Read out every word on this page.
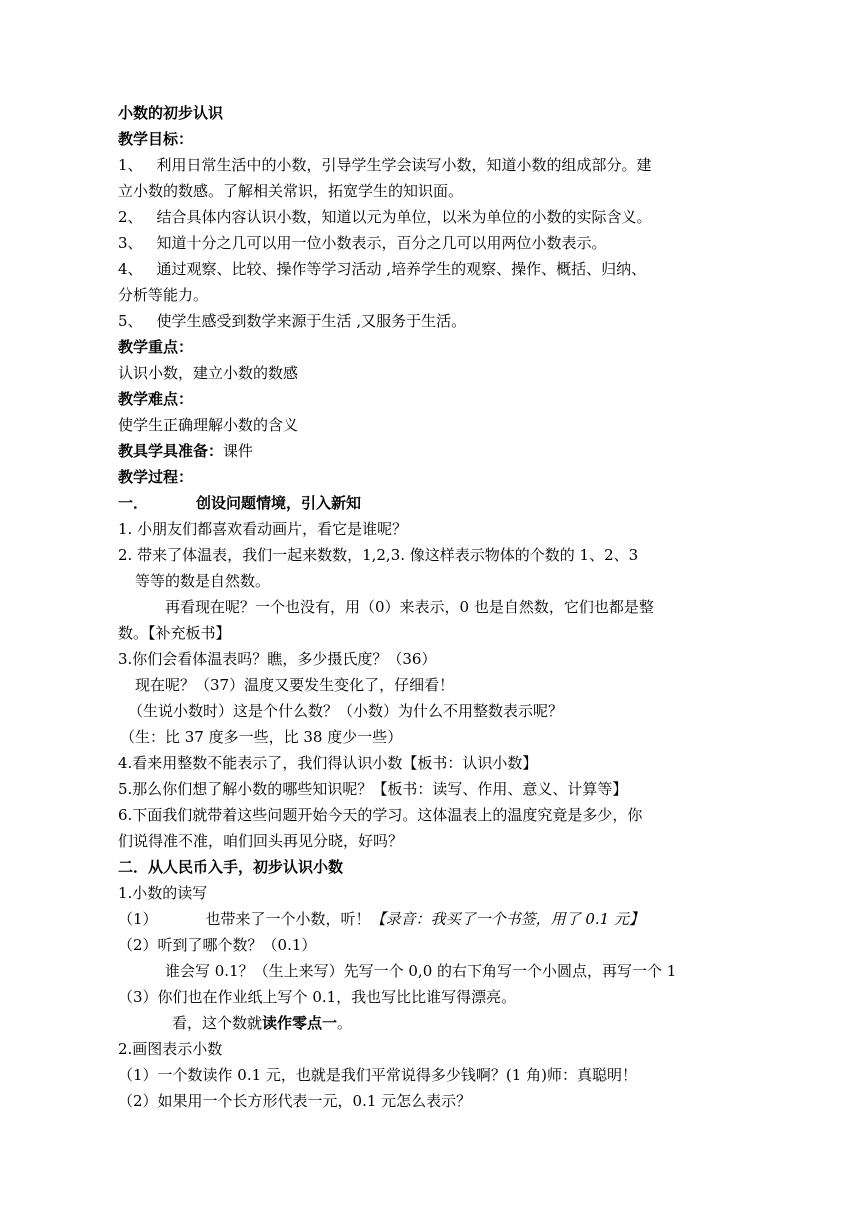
小数的初步认识
教学目标：
1、 利用日常生活中的小数，引导学生学会读写小数，知道小数的组成部分。建
立小数的数感。了解相关常识，拓宽学生的知识面。
2、 结合具体内容认识小数，知道以元为单位，以米为单位的小数的实际含义。
3、 知道十分之几可以用一位小数表示，百分之几可以用两位小数表示。
4、 通过观察、比较、操作等学习活动 ,培养学生的观察、操作、概括、归纳、
分析等能力。
5、 使学生感受到数学来源于生活 ,又服务于生活。
教学重点：
认识小数，建立小数的数感
教学难点：
使学生正确理解小数的含义
教具学具准备：课件
教学过程：
一．	创设问题情境，引入新知
1. 小朋友们都喜欢看动画片，看它是谁呢？
2. 带来了体温表，我们一起来数数，1,2,3. 像这样表示物体的个数的 1、2、3
等等的数是自然数。
再看现在呢？一个也没有，用（0）来表示，0 也是自然数，它们也都是整
数。【补充板书】
3.你们会看体温表吗？瞧，多少摄氏度？（36）
现在呢？（37）温度又要发生变化了，仔细看！
（生说小数时）这是个什么数？（小数）为什么不用整数表示呢？
（生：比 37 度多一些，比 38 度少一些）
4.看来用整数不能表示了，我们得认识小数【板书：认识小数】
5.那么你们想了解小数的哪些知识呢？【板书：读写、作用、意义、计算等】
6.下面我们就带着这些问题开始今天的学习。这体温表上的温度究竟是多少，你
们说得准不准，咱们回头再见分晓，好吗？
二．从人民币入手，初步认识小数
1.小数的读写
（1）	也带来了一个小数，听！【录音：我买了一个书签，用了 0.1 元】
（2）听到了哪个数？（0.1）
谁会写 0.1？（生上来写）先写一个 0,0 的右下角写一个小圆点，再写一个 1
（3）你们也在作业纸上写个 0.1，我也写比比谁写得漂亮。
看，这个数就读作零点一。
2.画图表示小数
（1）一个数读作 0.1 元，也就是我们平常说得多少钱啊？(1 角)师：真聪明！
（2）如果用一个长方形代表一元，0.1 元怎么表示？
